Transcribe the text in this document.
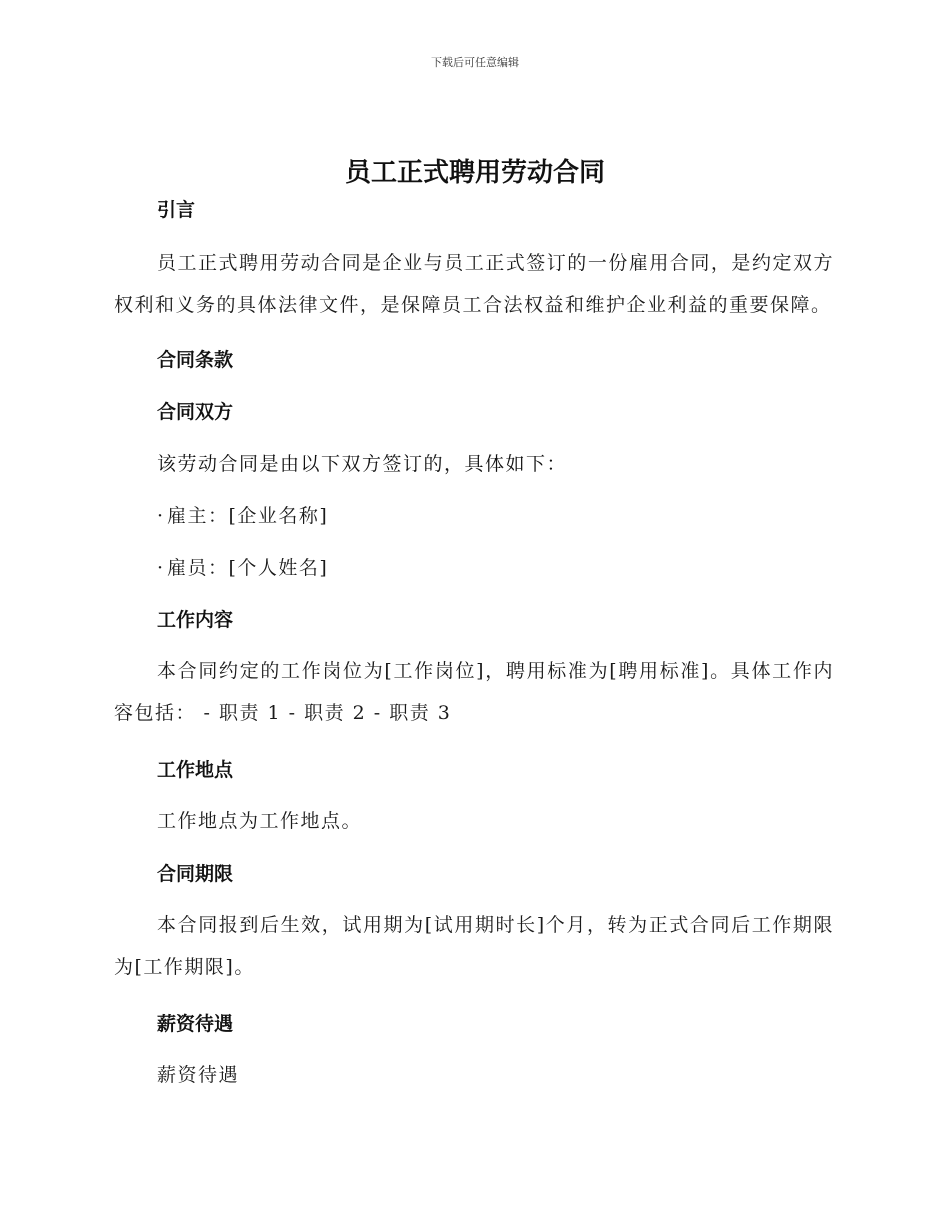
下载后可任意编辑
员工正式聘用劳动合同

引言

员工正式聘用劳动合同是企业与员工正式签订的一份雇用合同，是约定双方权利和义务的具体法律文件，是保障员工合法权益和维护企业利益的重要保障。

合同条款

合同双方

该劳动合同是由以下双方签订的，具体如下：

· 雇主：[企业名称]

· 雇员：[个人姓名]

工作内容

本合同约定的工作岗位为[工作岗位]，聘用标准为[聘用标准]。具体工作内容包括： - 职责 1 - 职责 2 - 职责 3

工作地点

工作地点为工作地点。

合同期限

本合同报到后生效，试用期为[试用期时长]个月，转为正式合同后工作期限为[工作期限]。

薪资待遇

薪资待遇
